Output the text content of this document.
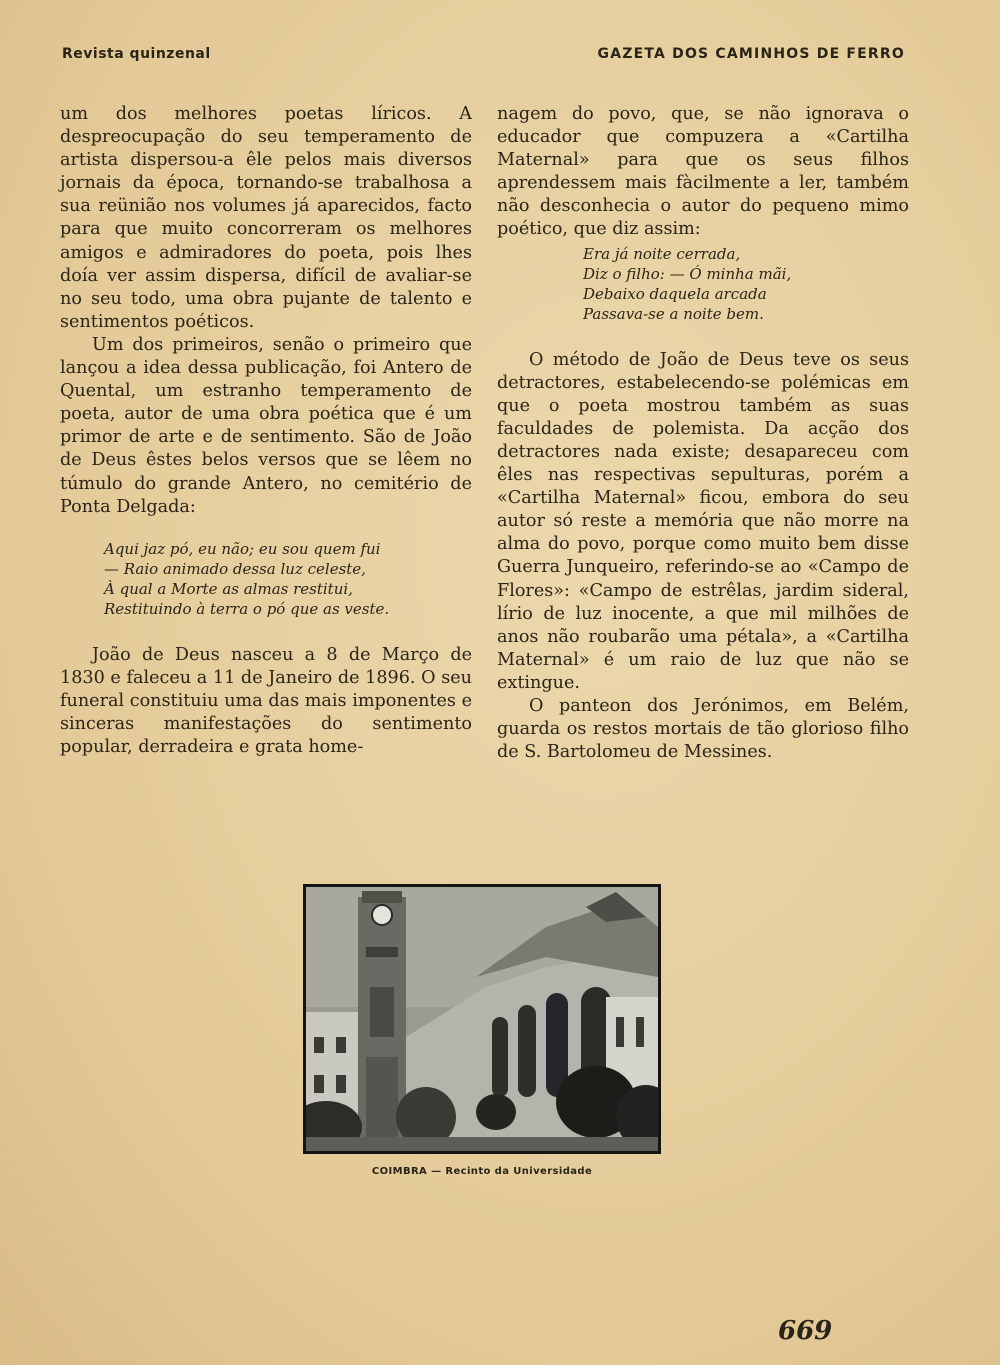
Revista quinzenal	GAZETA DOS CAMINHOS DE FERRO

um dos melhores poetas líricos. A despreocupação do seu temperamento de artista dispersou-a êle pelos mais diversos jornais da época, tornando-se trabalhosa a sua reünião nos volumes já aparecidos, facto para que muito concorreram os melhores amigos e admiradores do poeta, pois lhes doía ver assim dispersa, difícil de avaliar-se no seu todo, uma obra pujante de talento e sentimentos poéticos.

Um dos primeiros, senão o primeiro que lançou a idea dessa publicação, foi Antero de Quental, um estranho temperamento de poeta, autor de uma obra poética que é um primor de arte e de sentimento. São de João de Deus êstes belos versos que se lêem no túmulo do grande Antero, no cemitério de Ponta Delgada:

Aqui jaz pó, eu não; eu sou quem fui
— Raio animado dessa luz celeste,
À qual a Morte as almas restitui,
Restituindo à terra o pó que as veste.

João de Deus nasceu a 8 de Março de 1830 e faleceu a 11 de Janeiro de 1896. O seu funeral constituiu uma das mais imponentes e sinceras manifestações do sentimento popular, derradeira e grata home-

nagem do povo, que, se não ignorava o educador que compuzera a «Cartilha Maternal» para que os seus filhos aprendessem mais fàcilmente a ler, também não desconhecia o autor do pequeno mimo poético, que diz assim:

Era já noite cerrada,
Diz o filho: — Ó minha mãi,
Debaixo daquela arcada
Passava-se a noite bem.

O método de João de Deus teve os seus detractores, estabelecendo-se polémicas em que o poeta mostrou também as suas faculdades de polemista. Da acção dos detractores nada existe; desapareceu com êles nas respectivas sepulturas, porém a «Cartilha Maternal» ficou, embora do seu autor só reste a memória que não morre na alma do povo, porque como muito bem disse Guerra Junqueiro, referindo-se ao «Campo de Flores»: «Campo de estrêlas, jardim sideral, lírio de luz inocente, a que mil milhões de anos não roubarão uma pétala», a «Cartilha Maternal» é um raio de luz que não se extingue.

O panteon dos Jerónimos, em Belém, guarda os restos mortais de tão glorioso filho de S. Bartolomeu de Messines.

COIMBRA — Recinto da Universidade
669
